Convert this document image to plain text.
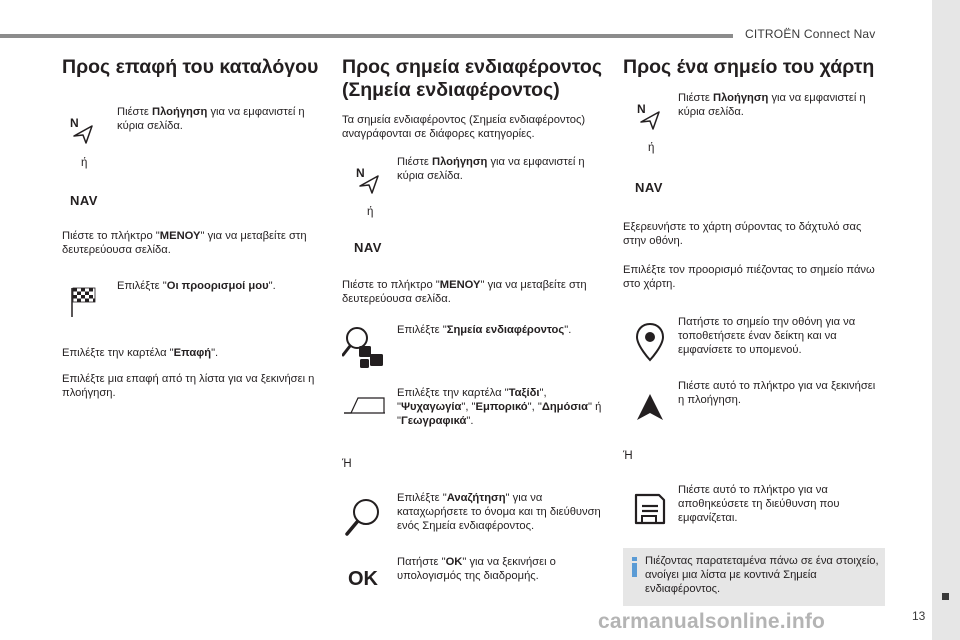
CITROËN Connect Nav
13
carmanualsonline.info
Προς επαφή του καταλόγου
N
Πιέστε Πλοήγηση για να εμφανιστεί η κύρια σελίδα.
ή
NAV
Πιέστε το πλήκτρο "ΜΕΝΟΥ" για να μεταβείτε στη δευτερεύουσα σελίδα.
Επιλέξτε "Οι προορισμοί μου".
Επιλέξτε την καρτέλα "Επαφή".
Επιλέξτε μια επαφή από τη λίστα για να ξεκινήσει η πλοήγηση.
Προς σημεία ενδιαφέροντος (Σημεία ενδιαφέροντος)
Τα σημεία ενδιαφέροντος (Σημεία ενδιαφέροντος) αναγράφονται σε διάφορες κατηγορίες.
N
Πιέστε Πλοήγηση για να εμφανιστεί η κύρια σελίδα.
ή
NAV
Πιέστε το πλήκτρο "ΜΕΝΟΥ" για να μεταβείτε στη δευτερεύουσα σελίδα.
Επιλέξτε "Σημεία ενδιαφέροντος".
Επιλέξτε την καρτέλα "Ταξίδι", "Ψυχαγωγία", "Εμπορικό", "Δημόσια" ή "Γεωγραφικά".
Ή
Επιλέξτε "Αναζήτηση" για να καταχωρήσετε το όνομα και τη διεύθυνση ενός Σημεία ενδιαφέροντος.
OK
Πατήστε "OK" για να ξεκινήσει ο υπολογισμός της διαδρομής.
Προς ένα σημείο του χάρτη
N
Πιέστε Πλοήγηση για να εμφανιστεί η κύρια σελίδα.
ή
NAV
Εξερευνήστε το χάρτη σύροντας το δάχτυλό σας στην οθόνη.
Επιλέξτε τον προορισμό πιέζοντας το σημείο πάνω στο χάρτη.
Πατήστε το σημείο την οθόνη για να τοποθετήσετε έναν δείκτη και να εμφανίσετε το υπομενού.
Πιέστε αυτό το πλήκτρο για να ξεκινήσει η πλοήγηση.
Ή
Πιέστε αυτό το πλήκτρο για να αποθηκεύσετε τη διεύθυνση που εμφανίζεται.
Πιέζοντας παρατεταμένα πάνω σε ένα στοιχείο, ανοίγει μια λίστα με κοντινά Σημεία ενδιαφέροντος.
